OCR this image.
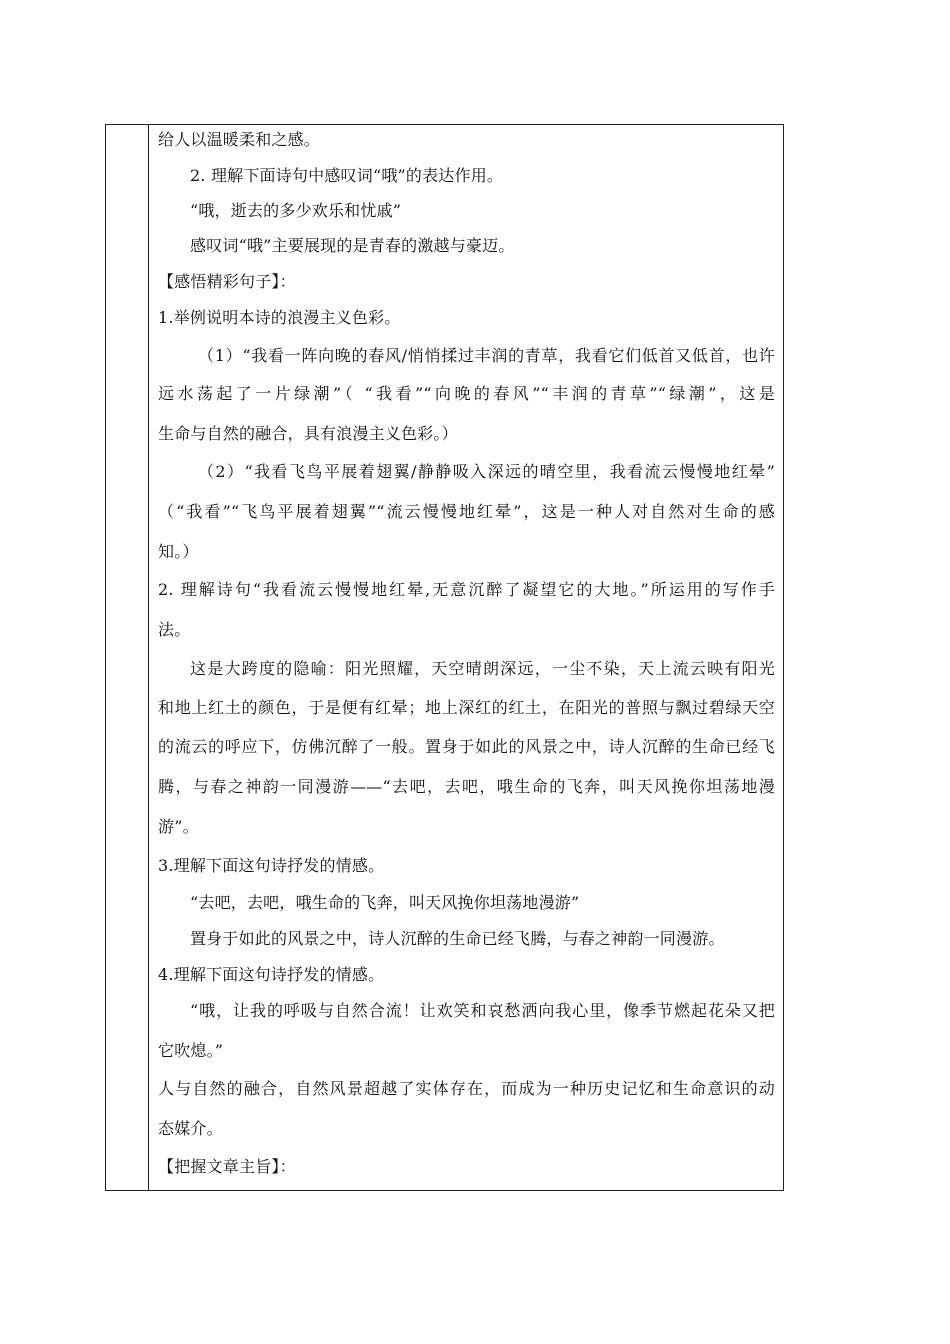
给人以温暖柔和之感。
2. 理解下面诗句中感叹词“哦”的表达作用。
“哦，逝去的多少欢乐和忧戚”
感叹词“哦”主要展现的是青春的激越与豪迈。
【感悟精彩句子】：
1.举例说明本诗的浪漫主义色彩。
（1）“我看一阵向晚的春风/悄悄揉过丰润的青草，我看它们低首又低首，也许
远水荡起了一片绿潮”（ “我看”“向晚的春风”“丰润的青草”“绿潮”，这是
生命与自然的融合，具有浪漫主义色彩。）
（2）“我看飞鸟平展着翅翼/静静吸入深远的晴空里，我看流云慢慢地红晕”
（“我看”“飞鸟平展着翅翼”“流云慢慢地红晕”，这是一种人对自然对生命的感
知。）
2. 理解诗句“我看流云慢慢地红晕,无意沉醉了凝望它的大地。”所运用的写作手
法。
这是大跨度的隐喻：阳光照耀，天空晴朗深远，一尘不染，天上流云映有阳光
和地上红土的颜色，于是便有红晕；地上深红的红土，在阳光的普照与飘过碧绿天空
的流云的呼应下，仿佛沉醉了一般。置身于如此的风景之中，诗人沉醉的生命已经飞
腾，与春之神韵一同漫游——“去吧，去吧，哦生命的飞奔，叫天风挽你坦荡地漫
游”。
3.理解下面这句诗抒发的情感。
“去吧，去吧，哦生命的飞奔，叫天风挽你坦荡地漫游”
置身于如此的风景之中，诗人沉醉的生命已经飞腾，与春之神韵一同漫游。
4.理解下面这句诗抒发的情感。
“哦，让我的呼吸与自然合流！让欢笑和哀愁洒向我心里，像季节燃起花朵又把
它吹熄。”
人与自然的融合，自然风景超越了实体存在，而成为一种历史记忆和生命意识的动
态媒介。
【把握文章主旨】：
